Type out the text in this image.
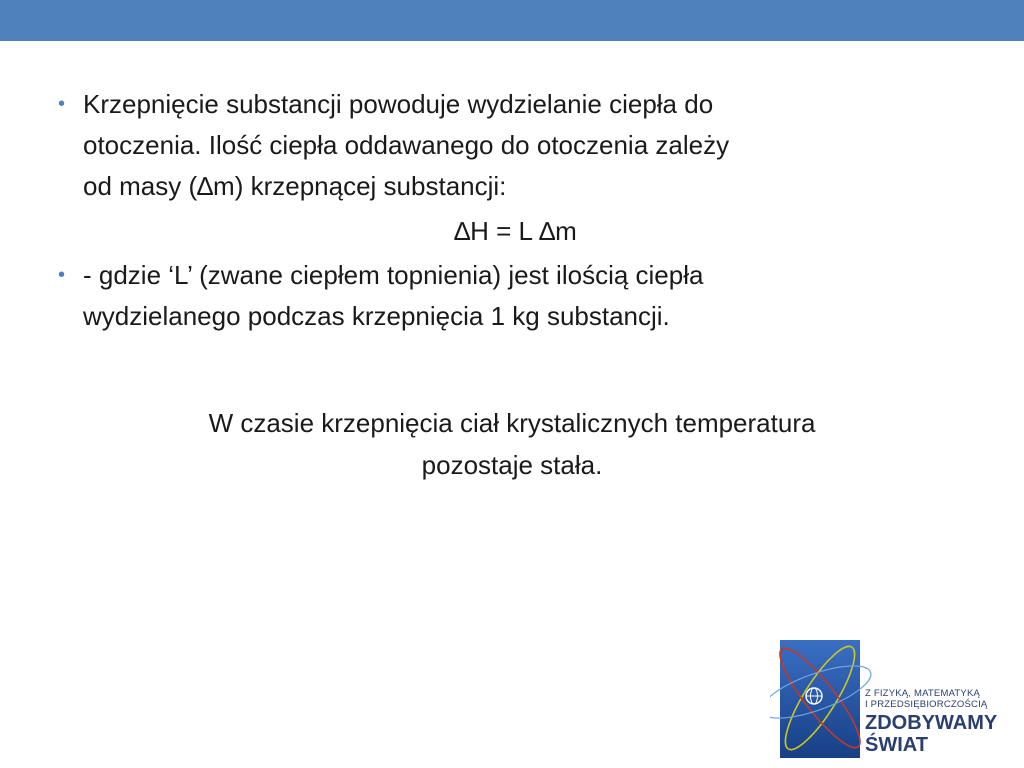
• Krzepnięcie substancji powoduje wydzielanie ciepła do
otoczenia. Ilość ciepła oddawanego do otoczenia zależy
od masy (∆m) krzepnącej substancji:
∆H = L ∆m
• - gdzie ‘L’ (zwane ciepłem topnienia) jest ilością ciepła
wydzielanego podczas krzepnięcia 1 kg substancji.
W czasie krzepnięcia ciał krystalicznych temperatura
pozostaje stała.
Z FIZYKĄ, MATEMATYKĄ
I PRZEDSIĘBIORCZOŚCIĄ
ZDOBYWAMY
ŚWIAT
